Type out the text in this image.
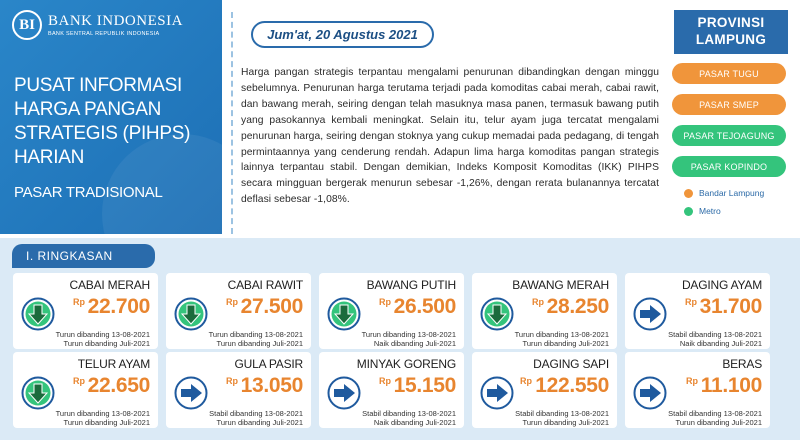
BI BANK INDONESIA
BANK SENTRAL REPUBLIK INDONESIA
PUSAT INFORMASI HARGA PANGAN STRATEGIS (PIHPS) HARIAN
PASAR TRADISIONAL
Jum'at, 20 Agustus 2021
Harga pangan strategis terpantau mengalami penurunan dibandingkan dengan minggu sebelumnya. Penurunan harga terutama terjadi pada komoditas cabai merah, cabai rawit, dan bawang merah, seiring dengan telah masuknya masa panen, termasuk bawang putih yang pasokannya kembali meningkat. Selain itu, telur ayam juga tercatat mengalami penurunan harga, seiring dengan stoknya yang cukup memadai pada pedagang, di tengah permintaannya yang cenderung rendah. Adapun lima harga komoditas pangan strategis lainnya terpantau stabil. Dengan demikian, Indeks Komposit Komoditas (IKK) PIHPS secara mingguan bergerak menurun sebesar -1,26%, dengan rerata bulanannya tercatat deflasi sebesar -1,08%.
PROVINSI LAMPUNG
PASAR TUGU
PASAR SMEP
PASAR TEJOAGUNG
PASAR KOPINDO
Bandar Lampung
Metro
I. RINGKASAN
CABAI MERAH
22.700
Rp
Turun dibanding 13-08-2021
Turun dibanding Juli-2021
CABAI RAWIT
27.500
Rp
Turun dibanding 13-08-2021
Turun dibanding Juli-2021
BAWANG PUTIH
26.500
Rp
Turun dibanding 13-08-2021
Naik dibanding Juli-2021
BAWANG MERAH
28.250
Rp
Turun dibanding 13-08-2021
Turun dibanding Juli-2021
DAGING AYAM
31.700
Rp
Stabil dibanding 13-08-2021
Naik dibanding Juli-2021
TELUR AYAM
22.650
Rp
Turun dibanding 13-08-2021
Turun dibanding Juli-2021
GULA PASIR
13.050
Rp
Stabil dibanding 13-08-2021
Turun dibanding Juli-2021
MINYAK GORENG
15.150
Rp
Stabil dibanding 13-08-2021
Naik dibanding Juli-2021
DAGING SAPI
122.550
Rp
Stabil dibanding 13-08-2021
Turun dibanding Juli-2021
BERAS
11.100
Rp
Stabil dibanding 13-08-2021
Turun dibanding Juli-2021
